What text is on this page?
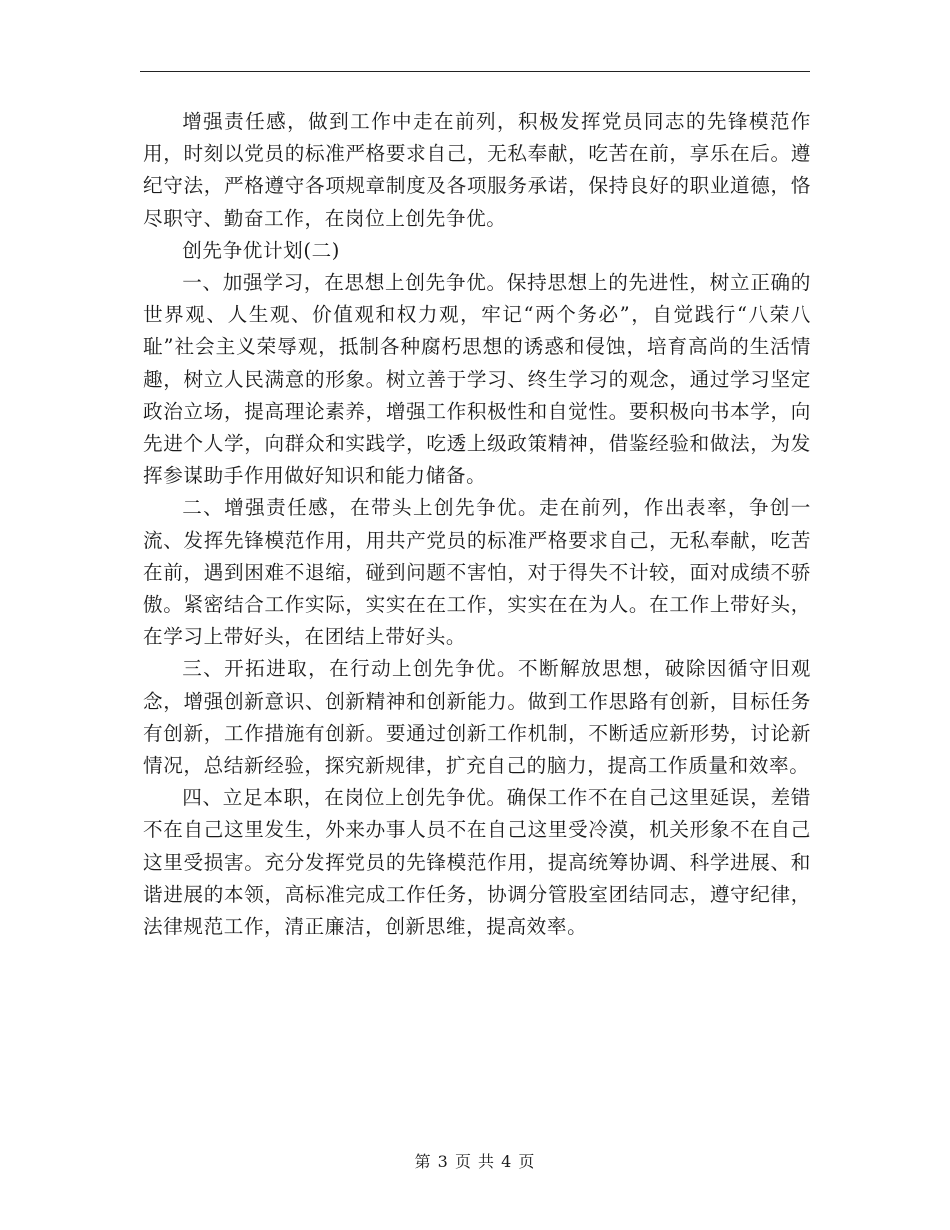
增强责任感，做到工作中走在前列，积极发挥党员同志的先锋模范作用，时刻以党员的标准严格要求自己，无私奉献，吃苦在前，享乐在后。遵纪守法，严格遵守各项规章制度及各项服务承诺，保持良好的职业道德，恪尽职守、勤奋工作，在岗位上创先争优。

创先争优计划(二)

一、加强学习，在思想上创先争优。保持思想上的先进性，树立正确的世界观、人生观、价值观和权力观，牢记“两个务必”，自觉践行“八荣八耻”社会主义荣辱观，抵制各种腐朽思想的诱惑和侵蚀，培育高尚的生活情趣，树立人民满意的形象。树立善于学习、终生学习的观念，通过学习坚定政治立场，提高理论素养，增强工作积极性和自觉性。要积极向书本学，向先进个人学，向群众和实践学，吃透上级政策精神，借鉴经验和做法，为发挥参谋助手作用做好知识和能力储备。

二、增强责任感，在带头上创先争优。走在前列，作出表率，争创一流、发挥先锋模范作用，用共产党员的标准严格要求自己，无私奉献，吃苦在前，遇到困难不退缩，碰到问题不害怕，对于得失不计较，面对成绩不骄傲。紧密结合工作实际，实实在在工作，实实在在为人。在工作上带好头，在学习上带好头，在团结上带好头。

三、开拓进取，在行动上创先争优。不断解放思想，破除因循守旧观念，增强创新意识、创新精神和创新能力。做到工作思路有创新，目标任务有创新，工作措施有创新。要通过创新工作机制，不断适应新形势，讨论新情况，总结新经验，探究新规律，扩充自己的脑力，提高工作质量和效率。

四、立足本职，在岗位上创先争优。确保工作不在自己这里延误，差错不在自己这里发生，外来办事人员不在自己这里受冷漠，机关形象不在自己这里受损害。充分发挥党员的先锋模范作用，提高统筹协调、科学进展、和谐进展的本领，高标准完成工作任务，协调分管股室团结同志，遵守纪律，法律规范工作，清正廉洁，创新思维，提高效率。

第 3 页 共 4 页
